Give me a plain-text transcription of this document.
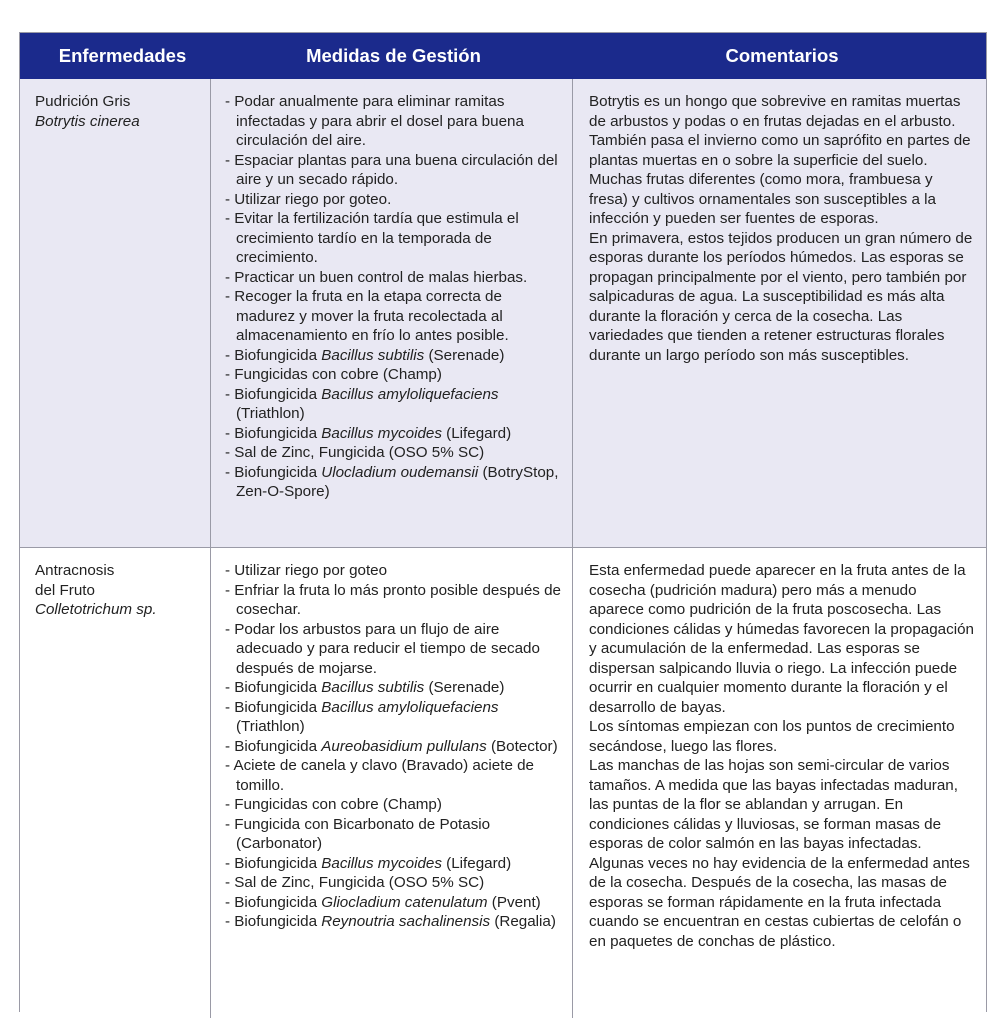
Enfermedades	Medidas de Gestión	Comentarios

Pudrición Gris

Botrytis cinerea

- Podar anualmente para eliminar ramitas infectadas y para abrir el dosel para buena circulación del aire.
- Espaciar plantas para una buena circulación del aire y un secado rápido.
- Utilizar riego por goteo.
- Evitar la fertilización tardía que estimula el crecimiento tardío en la temporada de crecimiento.
- Practicar un buen control de malas hierbas.
- Recoger la fruta en la etapa correcta de madurez y mover la fruta recolectada al almacenamiento en frío lo antes posible.
- Biofungicida Bacillus subtilis (Serenade)
- Fungicidas con cobre (Champ)
- Biofungicida Bacillus amyloliquefaciens (Triathlon)
- Biofungicida Bacillus mycoides (Lifegard)
- Sal de Zinc, Fungicida (OSO 5% SC)
- Biofungicida Ulocladium oudemansii (BotryStop, Zen-O-Spore)

Botrytis es un hongo que sobrevive en ramitas muertas de arbustos y podas o en frutas dejadas en el arbusto. También pasa el invierno como un saprófito en partes de plantas muertas en o sobre la superficie del suelo. Muchas frutas diferentes (como mora, frambuesa y fresa) y cultivos ornamentales son susceptibles a la infección y pueden ser fuentes de esporas.

En primavera, estos tejidos producen un gran número de esporas durante los períodos húmedos. Las esporas se propagan principalmente por el viento, pero también por salpicaduras de agua. La susceptibilidad es más alta durante la floración y cerca de la cosecha. Las variedades que tienden a retener estructuras florales durante un largo período son más susceptibles.

Antracnosis

del Fruto

Colletotrichum sp.

- Utilizar riego por goteo
- Enfriar la fruta lo más pronto posible después de cosechar.
- Podar los arbustos para un flujo de aire adecuado y para reducir el tiempo de secado después de mojarse.
- Biofungicida Bacillus subtilis (Serenade)
- Biofungicida Bacillus amyloliquefaciens (Triathlon)
- Biofungicida Aureobasidium pullulans (Botector)
- Aciete de canela y clavo (Bravado) aciete de tomillo.
- Fungicidas con cobre (Champ)
- Fungicida con Bicarbonato de Potasio (Carbonator)
- Biofungicida Bacillus mycoides (Lifegard)
- Sal de Zinc, Fungicida (OSO 5% SC)
- Biofungicida Gliocladium catenulatum (Pvent)
- Biofungicida Reynoutria sachalinensis (Regalia)

Esta enfermedad puede aparecer en la fruta antes de la cosecha (pudrición madura) pero más a menudo aparece como pudrición de la fruta poscosecha. Las condiciones cálidas y húmedas favorecen la propagación y acumulación de la enfermedad. Las esporas se dispersan salpicando lluvia o riego. La infección puede ocurrir en cualquier momento durante la floración y el desarrollo de bayas.

Los síntomas empiezan con los puntos de crecimiento secándose, luego las flores.

Las manchas de las hojas son semi-circular de varios tamaños. A medida que las bayas infectadas maduran, las puntas de la flor se ablandan y arrugan. En condiciones cálidas y lluviosas, se forman masas de esporas de color salmón en las bayas infectadas. Algunas veces no hay evidencia de la enfermedad antes de la cosecha. Después de la cosecha, las masas de esporas se forman rápidamente en la fruta infectada cuando se encuentran en cestas cubiertas de celofán o en paquetes de conchas de plástico.
